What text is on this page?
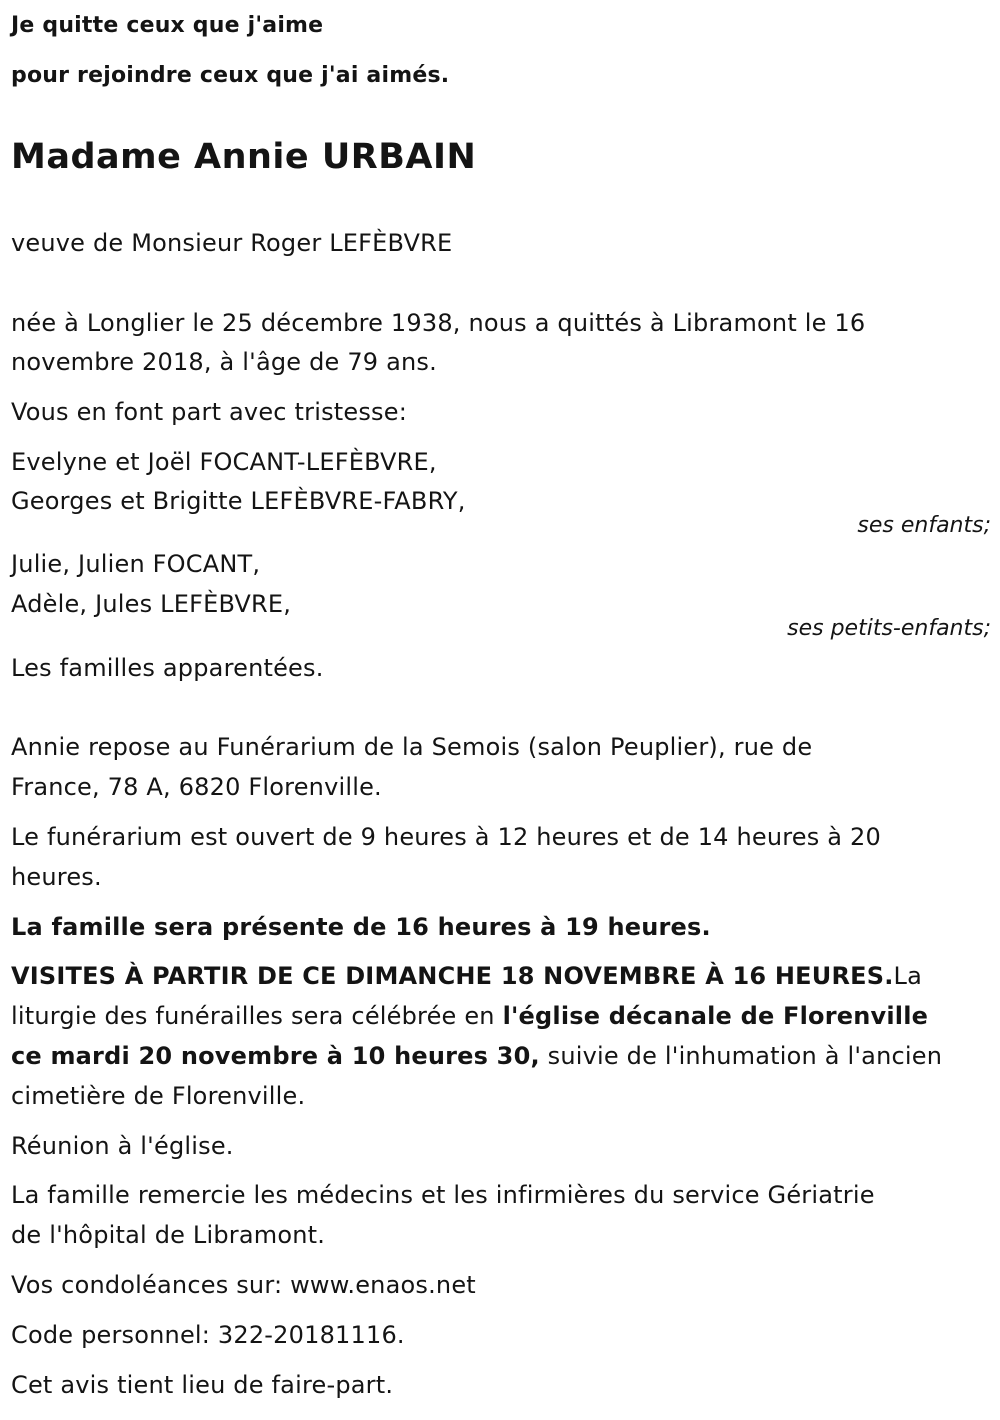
Je quitte ceux que j'aime
pour rejoindre ceux que j'ai aimés.
Madame Annie URBAIN
veuve de Monsieur Roger LEFÈBVRE
née à Longlier le 25 décembre 1938, nous a quittés à Libramont le 16
novembre 2018, à l'âge de 79 ans.
Vous en font part avec tristesse:
Evelyne et Joël FOCANT-LEFÈBVRE,
Georges et Brigitte LEFÈBVRE-FABRY,
ses enfants;
Julie, Julien FOCANT,
Adèle, Jules LEFÈBVRE,
ses petits-enfants;
Les familles apparentées.
Annie repose au Funérarium de la Semois (salon Peuplier), rue de
France, 78 A, 6820 Florenville.
Le funérarium est ouvert de 9 heures à 12 heures et de 14 heures à 20
heures.
La famille sera présente de 16 heures à 19 heures.
VISITES À PARTIR DE CE DIMANCHE 18 NOVEMBRE À 16 HEURES.La
liturgie des funérailles sera célébrée en l'église décanale de Florenville
ce mardi 20 novembre à 10 heures 30, suivie de l'inhumation à l'ancien
cimetière de Florenville.
Réunion à l'église.
La famille remercie les médecins et les infirmières du service Gériatrie
de l'hôpital de Libramont.
Vos condoléances sur: www.enaos.net
Code personnel: 322-20181116.
Cet avis tient lieu de faire-part.
